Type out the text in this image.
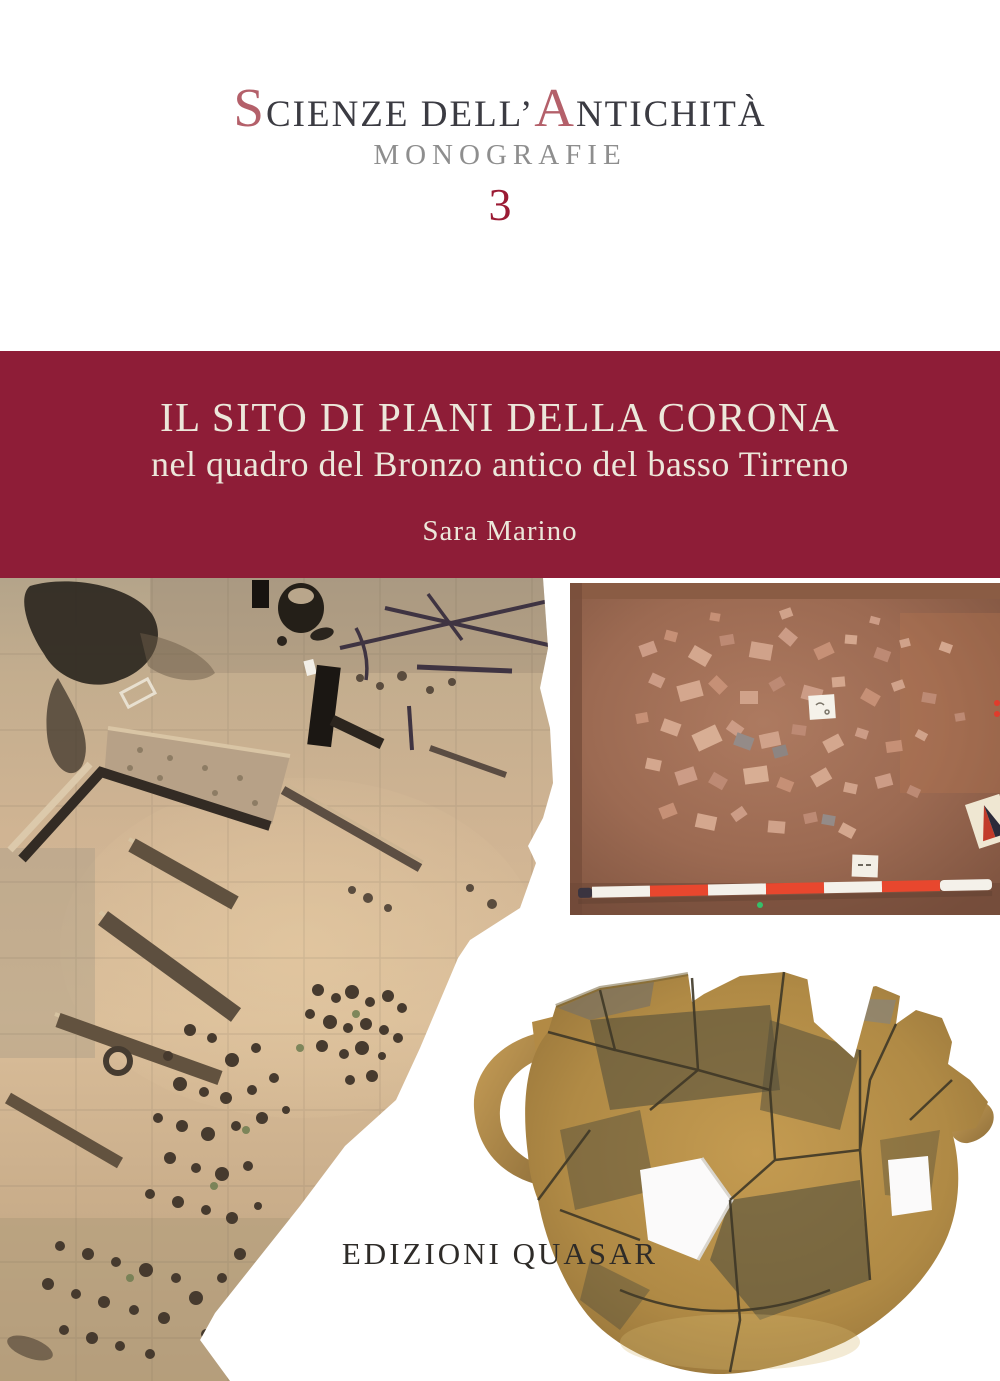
SCIENZE DELL’ANTICHITÀ
MONOGRAFIE
3
IL SITO DI PIANI DELLA CORONA
nel quadro del Bronzo antico del basso Tirreno
Sara Marino
EDIZIONI QUASAR
